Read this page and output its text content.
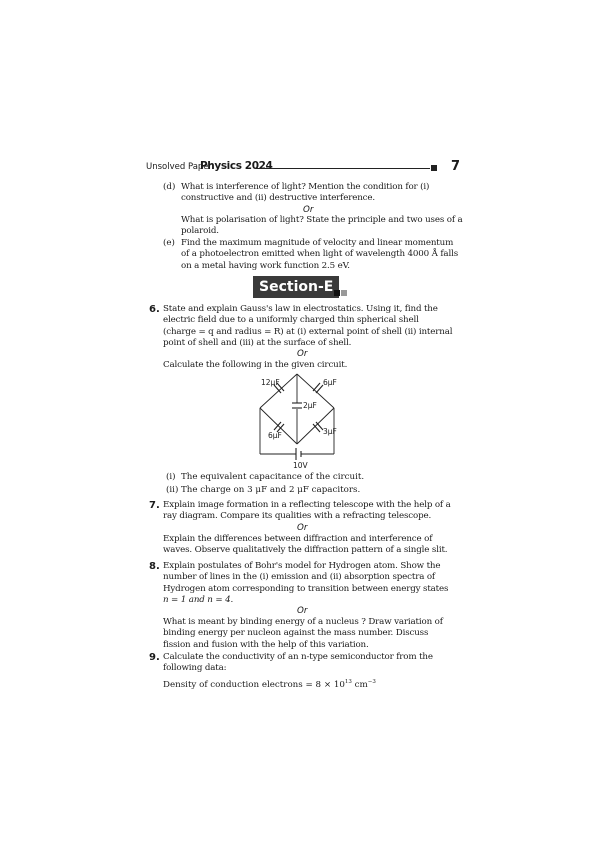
Unsolved Paper
Physics 2024	7
(d) What is interference of light? Mention the condition for (i)
constructive and (ii) destructive interference.
Or
What is polarisation of light? State the principle and two uses of a
polaroid.
(e) Find the maximum magnitude of velocity and linear momentum
of a photoelectron emitted when light of wavelength 4000 Å falls
on a metal having work function 2.5 eV.
Section-E
6. State and explain Gauss's law in electrostatics. Using it, find the
electric field due to a uniformly charged thin spherical shell
(charge = q and radius = R) at (i) external point of shell (ii) internal
point of shell and (iii) at the surface of shell.
Or
Calculate the following in the given circuit.
12μF	6μF
2μF
6μF	3μF
10V
(i) The equivalent capacitance of the circuit.
(ii) The charge on 3 μF and 2 μF capacitors.
7. Explain image formation in a reflecting telescope with the help of a
ray diagram. Compare its qualities with a refracting telescope.
Or
Explain the differences between diffraction and interference of
waves. Observe qualitatively the diffraction pattern of a single slit.
8. Explain postulates of Bohr's model for Hydrogen atom. Show the
number of lines in the (i) emission and (ii) absorption spectra of
Hydrogen atom corresponding to transition between energy states
n = 1 and n = 4.
Or
What is meant by binding energy of a nucleus ? Draw variation of
binding energy per nucleon against the mass number. Discuss
fission and fusion with the help of this variation.
9. Calculate the conductivity of an n-type semiconductor from the
following data:
Density of conduction electrons = $8 \times 10^{13}$ $cm^{-3}$
